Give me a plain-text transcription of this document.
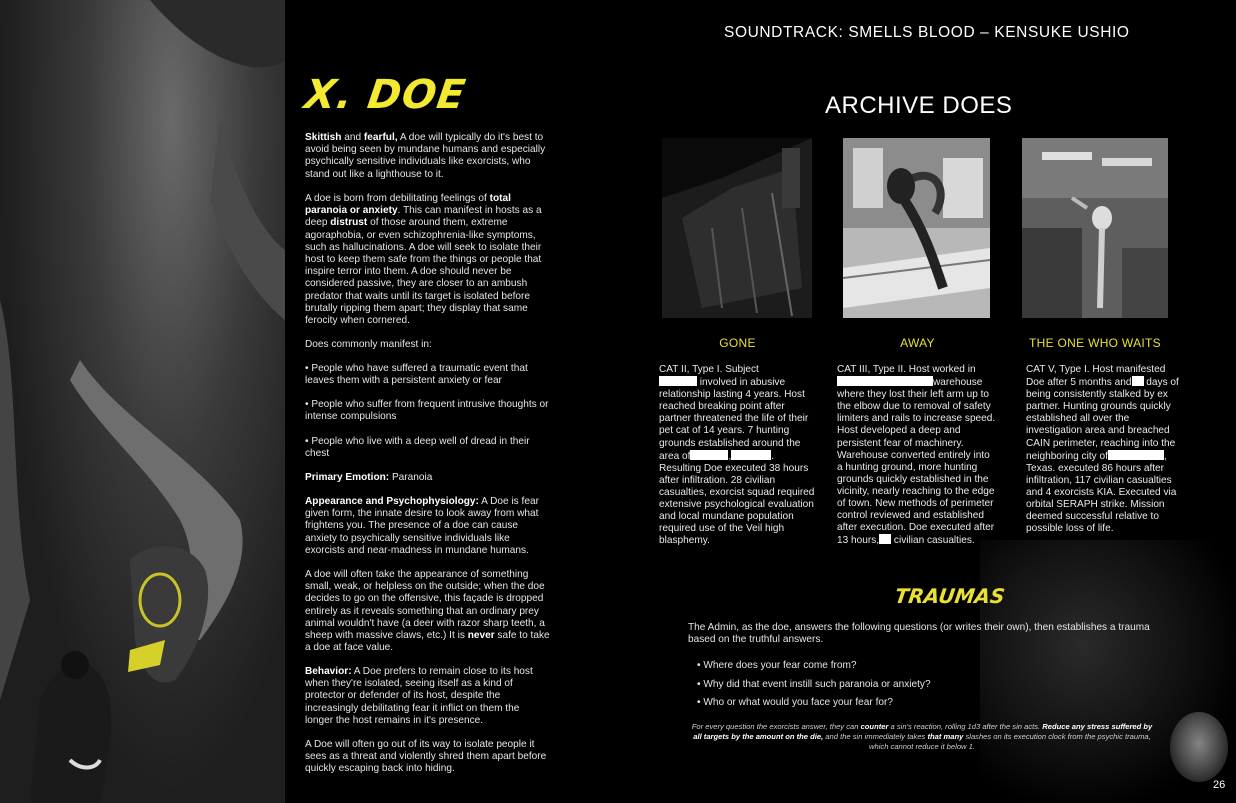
X. DOE

Skittish and fearful, A doe will typically do it's best to avoid being seen by mundane humans and especially psychically sensitive individuals like exorcists, who stand out like a lighthouse to it.

A doe is born from debilitating feelings of total paranoia or anxiety. This can manifest in hosts as a deep distrust of those around them, extreme agoraphobia, or even schizophrenia-like symptoms, such as hallucinations. A doe will seek to isolate their host to keep them safe from the things or people that inspire terror into them. A doe should never be considered passive, they are closer to an ambush predator that waits until its target is isolated before brutally ripping them apart; they display that same ferocity when cornered.

Does commonly manifest in:

• People who have suffered a traumatic event that leaves them with a persistent anxiety or fear

• People who suffer from frequent intrusive thoughts or intense compulsions

• People who live with a deep well of dread in their chest

Primary Emotion: Paranoia

Appearance and Psychophysiology: A Doe is fear given form, the innate desire to look away from what frightens you. The presence of a doe can cause anxiety to psychically sensitive individuals like exorcists and near-madness in mundane humans.

A doe will often take the appearance of something small, weak, or helpless on the outside; when the doe decides to go on the offensive, this façade is dropped entirely as it reveals something that an ordinary prey animal wouldn't have (a deer with razor sharp teeth, a sheep with massive claws, etc.) It is never safe to take a doe at face value.

Behavior: A Doe prefers to remain close to its host when they're isolated, seeing itself as a kind of protector or defender of its host, despite the increasingly debilitating fear it inflict on them the longer the host remains in it's presence.

A Doe will often go out of its way to isolate people it sees as a threat and violently shred them apart before quickly escaping back into hiding.

SOUNDTRACK: SMELLS BLOOD – KENSUKE USHIO
ARCHIVE DOES
GONE	AWAY	THE ONE WHO WAITS

CAT II, Type I. Subject
involved in abusive
relationship lasting 4 years. Host reached breaking point after partner threatened the life of their pet cat of 14 years. 7 hunting grounds established around the area of	,	. Resulting Doe executed 38 hours after infiltration. 28 civilian casualties, exorcist squad required extensive psychological evaluation and local mundane population required use of the Veil high blasphemy.

CAT III, Type II. Host worked in
warehouse
where they lost their left arm up to the elbow due to removal of safety limiters and rails to increase speed. Host developed a deep and persistent fear of machinery. Warehouse converted entirely into a hunting ground, more hunting grounds quickly established in the vicinity, nearly reaching to the edge of town. New methods of perimeter control reviewed and established after execution. Doe executed after 13 hours, civilian casualties.

CAT V, Type I. Host manifested Doe after 5 months and days of being consistently stalked by ex partner. Hunting grounds quickly established all over the investigation area and breached CAIN perimeter, reaching into the neighboring city of	, Texas. executed 86 hours after infiltration, 117 civilian casualties and 4 exorcists KIA. Executed via orbital SERAPH strike. Mission deemed successful relative to possible loss of life.

TRAUMAS

The Admin, as the doe, answers the following questions (or writes their own), then establishes a trauma based on the truthful answers.

• Where does your fear come from?
• Why did that event instill such paranoia or anxiety?
• Who or what would you face your fear for?

For every question the exorcists answer, they can counter a sin's reaction, rolling 1d3 after the sin acts. Reduce any stress suffered by all targets by the amount on the die, and the sin immediately takes that many slashes on its execution clock from the psychic trauma, which cannot reduce it below 1.

26
